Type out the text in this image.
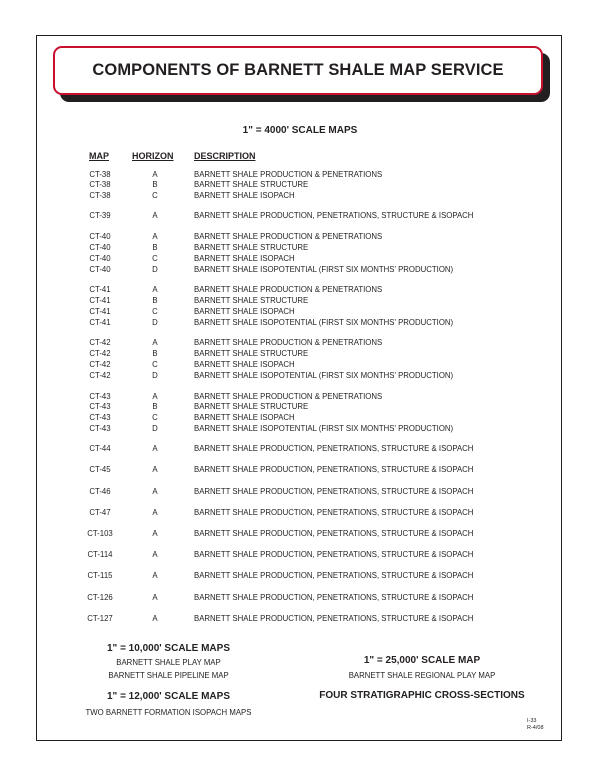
COMPONENTS OF BARNETT SHALE MAP SERVICE
1" = 4000' SCALE MAPS
MAP	HORIZON DESCRIPTION
CT-38	A	BARNETT SHALE PRODUCTION & PENETRATIONS
CT-38	B	BARNETT SHALE STRUCTURE
CT-38	C	BARNETT SHALE ISOPACH
CT-39	A	BARNETT SHALE PRODUCTION, PENETRATIONS, STRUCTURE & ISOPACH
CT-40	A	BARNETT SHALE PRODUCTION & PENETRATIONS
CT-40	B	BARNETT SHALE STRUCTURE
CT-40	C	BARNETT SHALE ISOPACH
CT-40	D	BARNETT SHALE ISOPOTENTIAL (FIRST SIX MONTHS' PRODUCTION)
CT-41	A	BARNETT SHALE PRODUCTION & PENETRATIONS
CT-41	B	BARNETT SHALE STRUCTURE
CT-41	C	BARNETT SHALE ISOPACH
CT-41	D	BARNETT SHALE ISOPOTENTIAL (FIRST SIX MONTHS' PRODUCTION)
CT-42	A	BARNETT SHALE PRODUCTION & PENETRATIONS
CT-42	B	BARNETT SHALE STRUCTURE
CT-42	C	BARNETT SHALE ISOPACH
CT-42	D	BARNETT SHALE ISOPOTENTIAL (FIRST SIX MONTHS' PRODUCTION)
CT-43	A	BARNETT SHALE PRODUCTION & PENETRATIONS
CT-43	B	BARNETT SHALE STRUCTURE
CT-43	C	BARNETT SHALE ISOPACH
CT-43	D	BARNETT SHALE ISOPOTENTIAL (FIRST SIX MONTHS' PRODUCTION)
CT-44	A	BARNETT SHALE PRODUCTION, PENETRATIONS, STRUCTURE & ISOPACH
CT-45	A	BARNETT SHALE PRODUCTION, PENETRATIONS, STRUCTURE & ISOPACH
CT-46	A	BARNETT SHALE PRODUCTION, PENETRATIONS, STRUCTURE & ISOPACH
CT-47	A	BARNETT SHALE PRODUCTION, PENETRATIONS, STRUCTURE & ISOPACH
CT-103	A	BARNETT SHALE PRODUCTION, PENETRATIONS, STRUCTURE & ISOPACH
CT-114	A	BARNETT SHALE PRODUCTION, PENETRATIONS, STRUCTURE & ISOPACH
CT-115	A	BARNETT SHALE PRODUCTION, PENETRATIONS, STRUCTURE & ISOPACH
CT-126	A	BARNETT SHALE PRODUCTION, PENETRATIONS, STRUCTURE & ISOPACH
CT-127	A	BARNETT SHALE PRODUCTION, PENETRATIONS, STRUCTURE & ISOPACH
1" = 10,000' SCALE MAPS
BARNETT SHALE PLAY MAP
BARNETT SHALE PIPELINE MAP
1" = 12,000' SCALE MAPS
TWO BARNETT FORMATION ISOPACH MAPS
1" = 25,000' SCALE MAP
BARNETT SHALE REGIONAL PLAY MAP
FOUR STRATIGRAPHIC CROSS-SECTIONS
I-33
R-4/08
